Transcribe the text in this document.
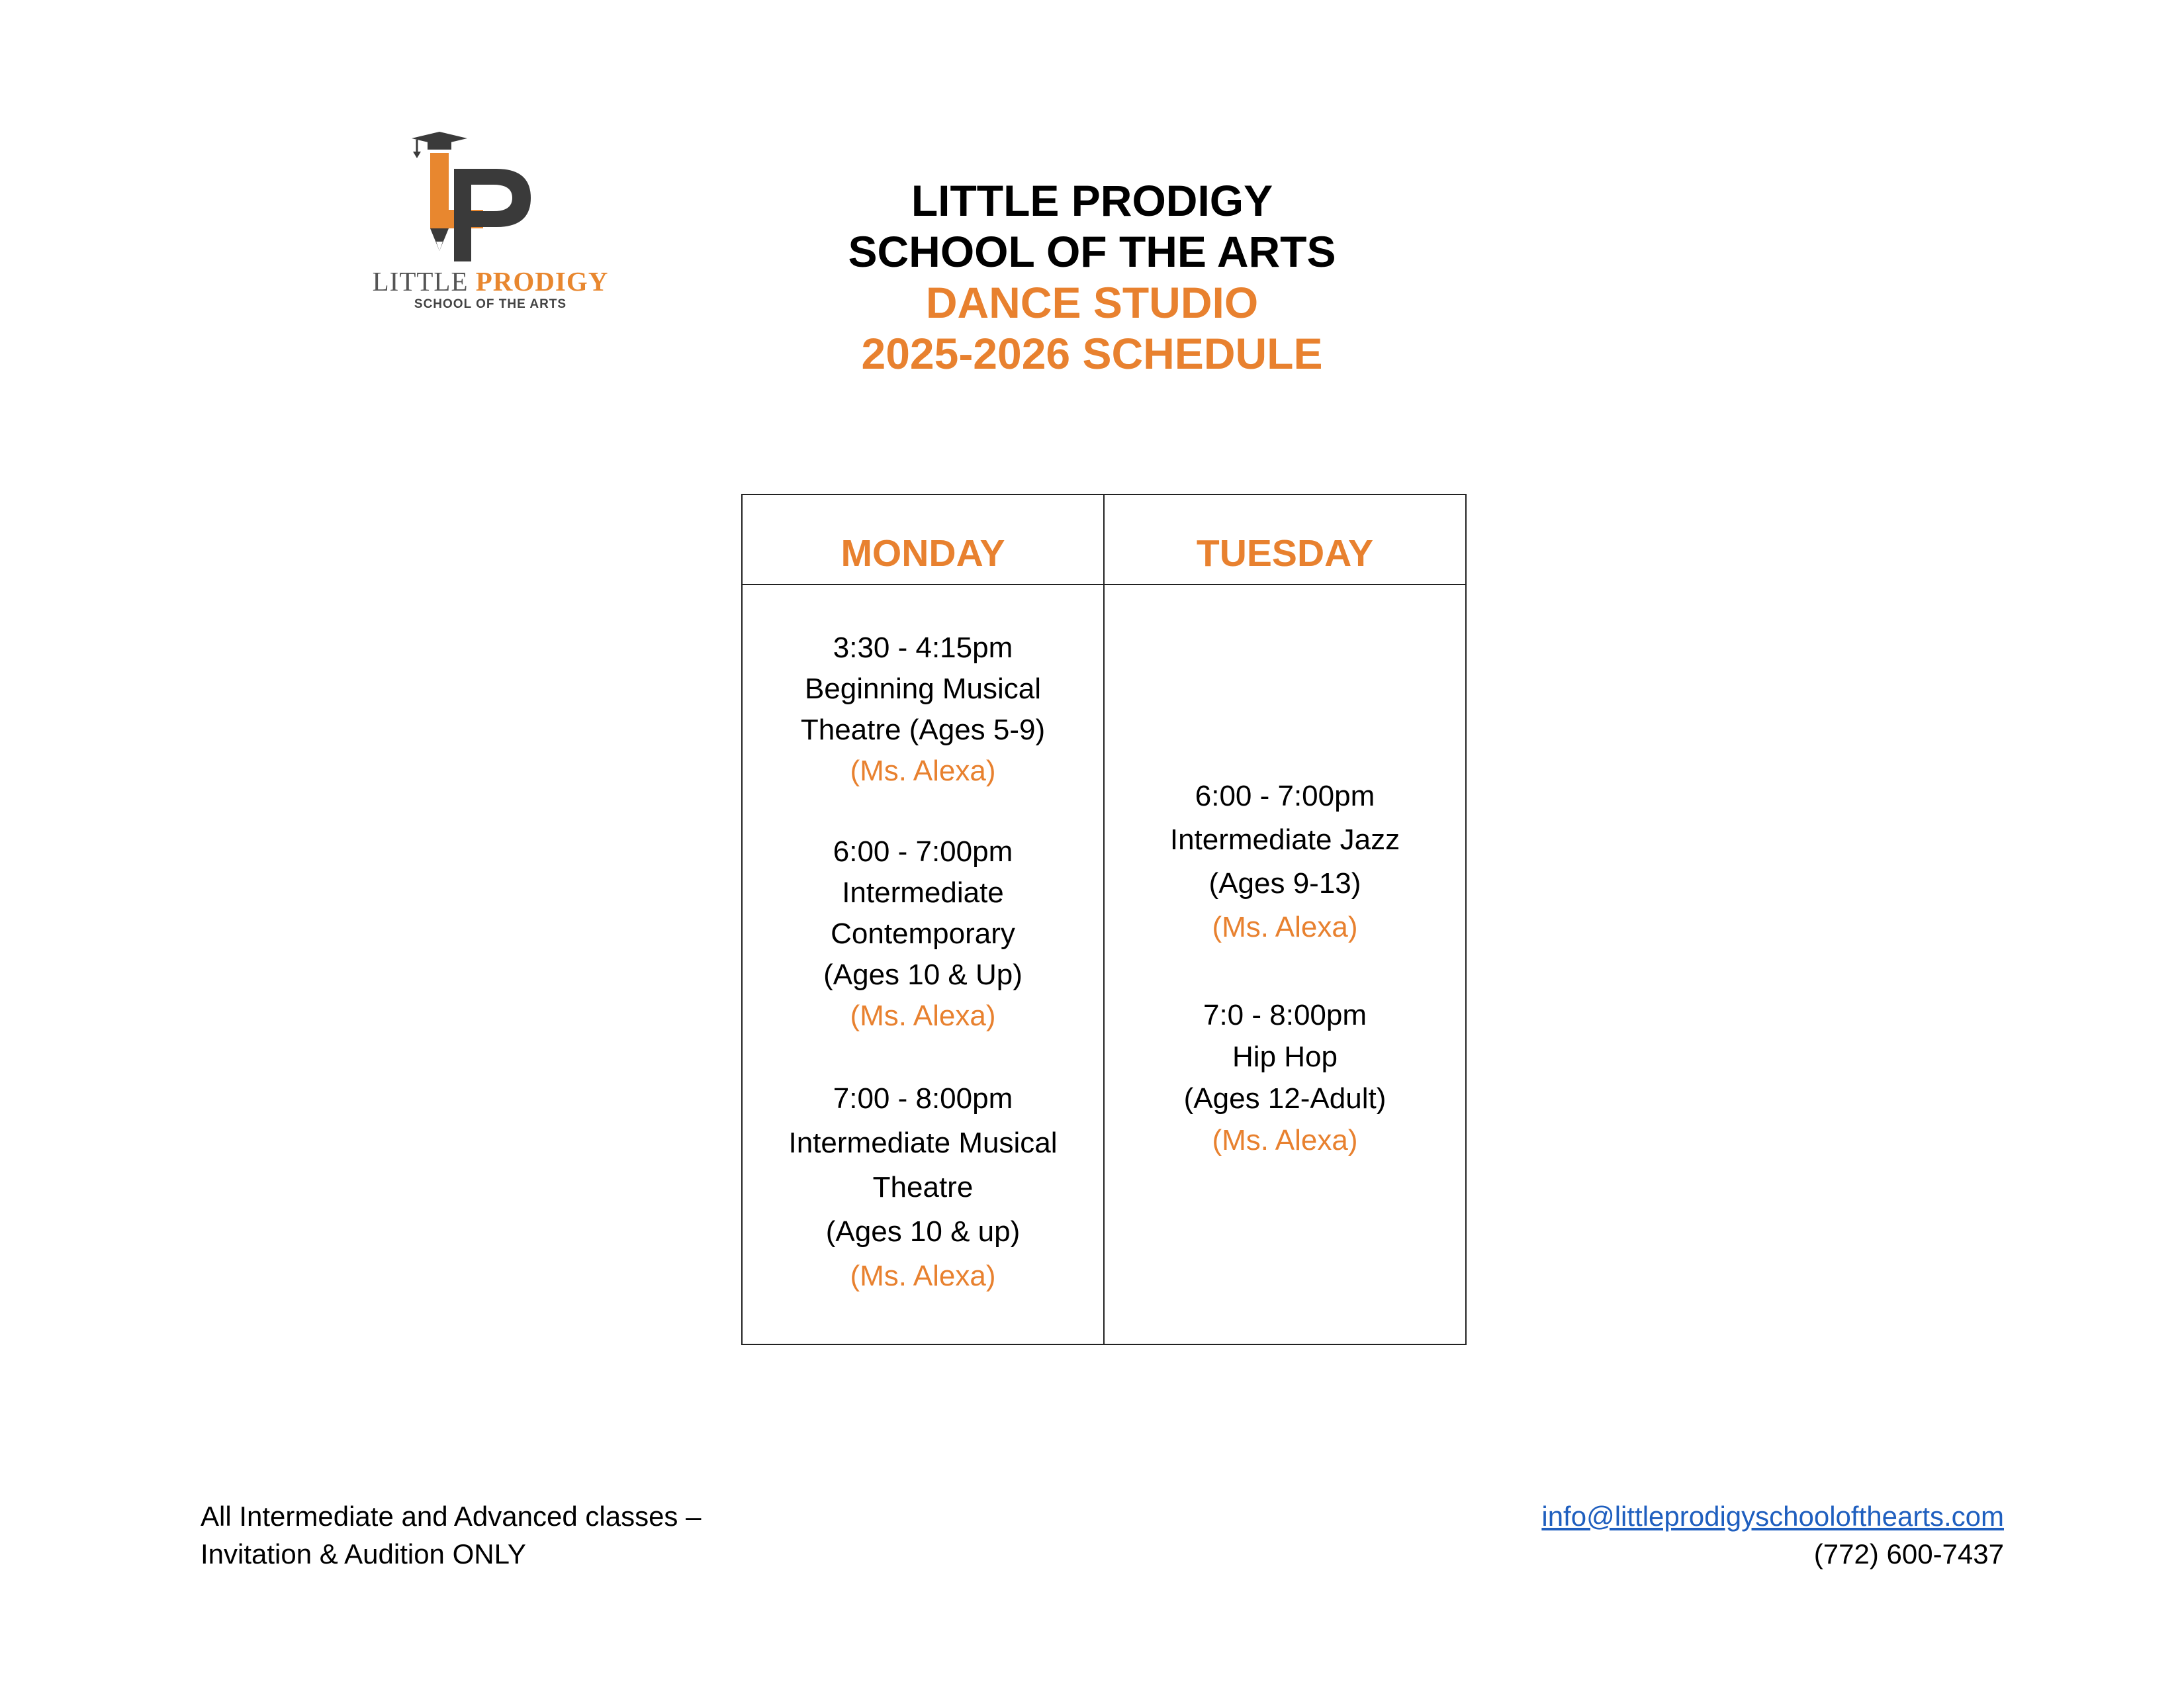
LITTLE PRODIGY
SCHOOL OF THE ARTS
LITTLE PRODIGY
SCHOOL OF THE ARTS
DANCE STUDIO
2025-2026 SCHEDULE
MONDAY	TUESDAY
3:30 - 4:15pm
Beginning Musical
Theatre (Ages 5-9)
(Ms. Alexa)
6:00 - 7:00pm
Intermediate
Contemporary
(Ages 10 & Up)
(Ms. Alexa)
7:00 - 8:00pm
Intermediate Musical
Theatre
(Ages 10 & up)
(Ms. Alexa)
6:00 - 7:00pm
Intermediate Jazz
(Ages 9-13)
(Ms. Alexa)
7:0 - 8:00pm
Hip Hop
(Ages 12-Adult)
(Ms. Alexa)
All Intermediate and Advanced classes –
Invitation & Audition ONLY
info@littleprodigyschoolofthearts.com
(772) 600-7437
